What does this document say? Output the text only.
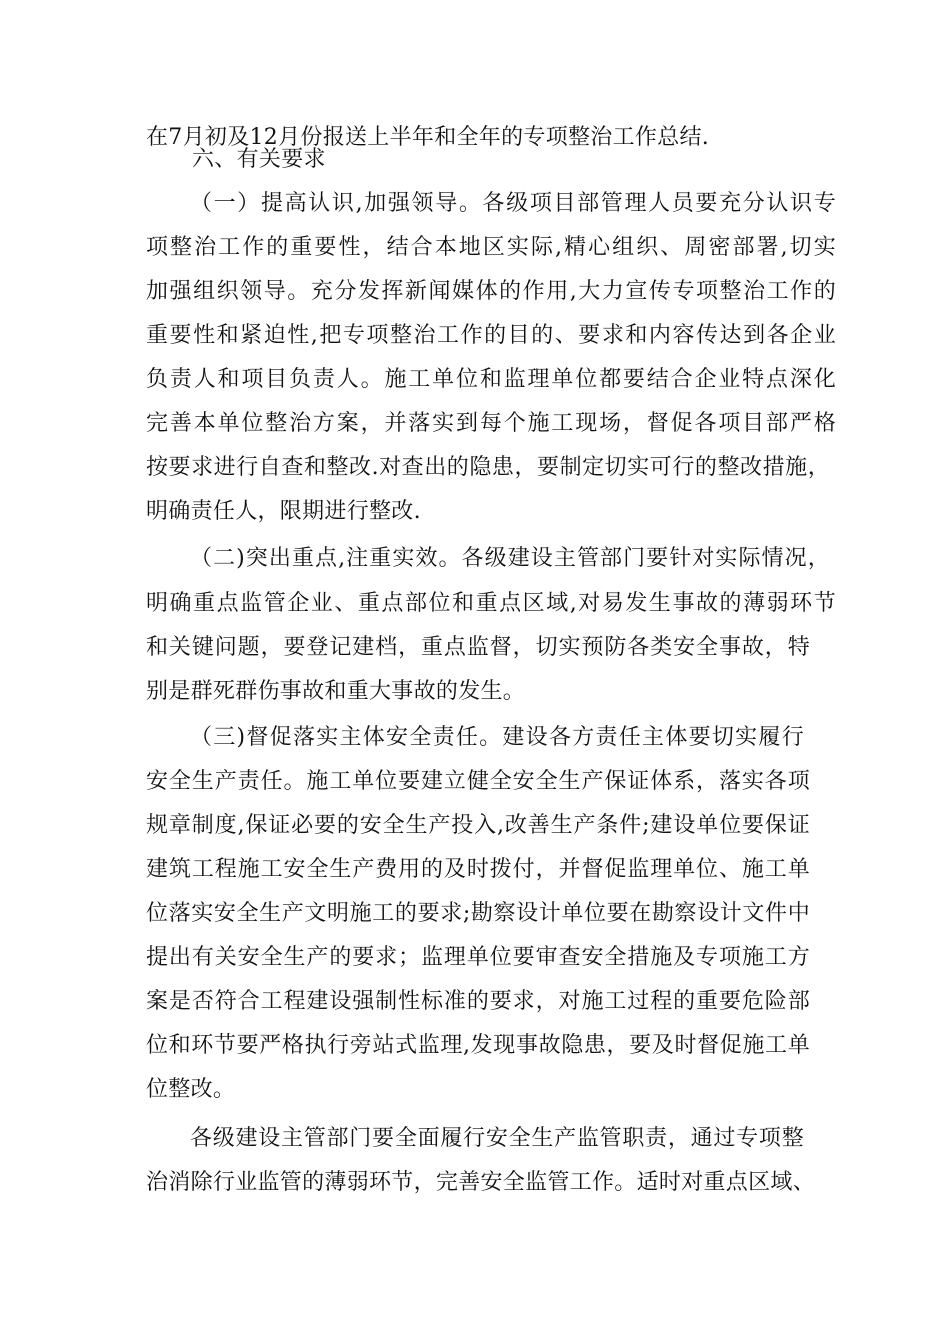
在7月初及12月份报送上半年和全年的专项整治工作总结.
六、有关要求
（一）提高认识,加强领导。各级项目部管理人员要充分认识专
项整治工作的重要性，结合本地区实际,精心组织、周密部署,切实
加强组织领导。充分发挥新闻媒体的作用,大力宣传专项整治工作的
重要性和紧迫性,把专项整治工作的目的、要求和内容传达到各企业
负责人和项目负责人。施工单位和监理单位都要结合企业特点深化
完善本单位整治方案，并落实到每个施工现场，督促各项目部严格
按要求进行自查和整改.对查出的隐患，要制定切实可行的整改措施，
明确责任人，限期进行整改.
（二)突出重点,注重实效。各级建设主管部门要针对实际情况，
明确重点监管企业、重点部位和重点区域,对易发生事故的薄弱环节
和关键问题，要登记建档，重点监督，切实预防各类安全事故，特
别是群死群伤事故和重大事故的发生。
（三)督促落实主体安全责任。建设各方责任主体要切实履行
安全生产责任。施工单位要建立健全安全生产保证体系，落实各项
规章制度,保证必要的安全生产投入,改善生产条件;建设单位要保证
建筑工程施工安全生产费用的及时拨付，并督促监理单位、施工单
位落实安全生产文明施工的要求;勘察设计单位要在勘察设计文件中
提出有关安全生产的要求；监理单位要审查安全措施及专项施工方
案是否符合工程建设强制性标准的要求，对施工过程的重要危险部
位和环节要严格执行旁站式监理,发现事故隐患，要及时督促施工单
位整改。
各级建设主管部门要全面履行安全生产监管职责，通过专项整
治消除行业监管的薄弱环节，完善安全监管工作。适时对重点区域、
